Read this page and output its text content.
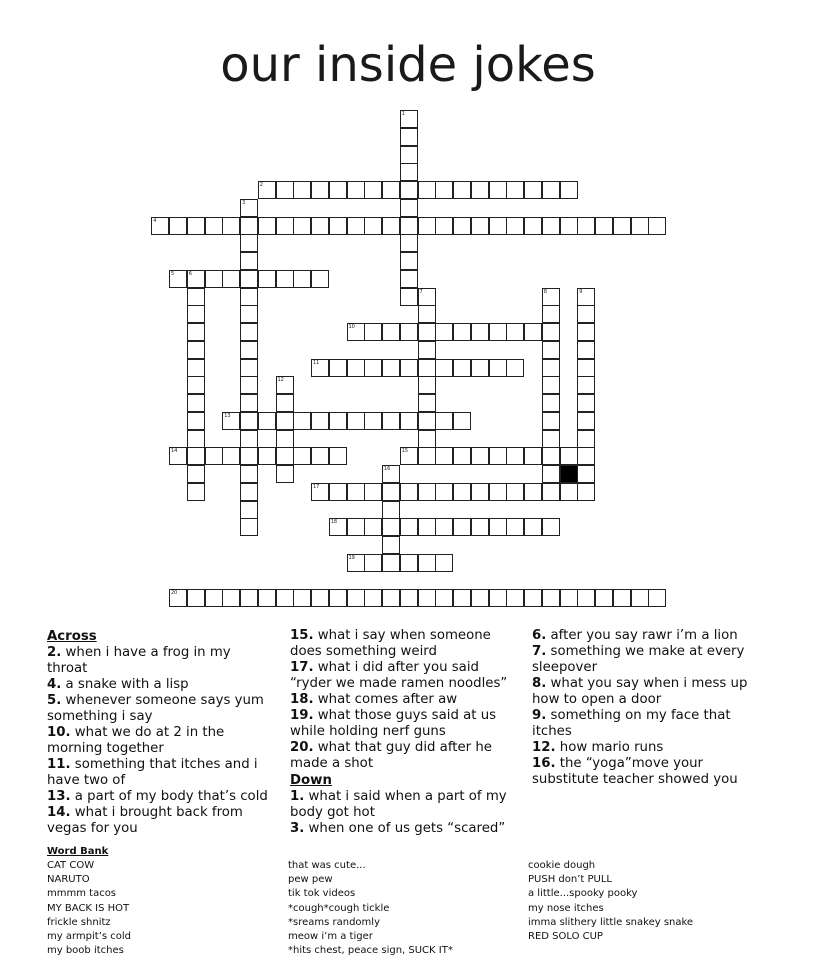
our inside jokes
1
2
3
4
5	6
7	8	9
10
11
12
13
14	15
16
17
18
19
20
Across
2. when i have a frog in my throat
4. a snake with a lisp
5. whenever someone says yum something i say
10. what we do at 2 in the morning together
11. something that itches and i have two of
13. a part of my body that’s cold
14. what i brought back from vegas for you
15. what i say when someone does something weird
17. what i did after you said “ryder we made ramen noodles”
18. what comes after aw
19. what those guys said at us while holding nerf guns
20. what that guy did after he made a shot
Down
1. what i said when a part of my body got hot
3. when one of us gets “scared”
6. after you say rawr i’m a lion
7. something we make at every sleepover
8. what you say when i mess up how to open a door
9. something on my face that itches
12. how mario runs
16. the “yoga”move your substitute teacher showed you
Word Bank
CAT COW
NARUTO
mmmm tacos
MY BACK IS HOT
frickle shnitz
my armpit’s cold
my boob itches
that was cute...
pew pew
tik tok videos
*cough*cough tickle
*sreams randomly
meow i’m a tiger
*hits chest, peace sign, SUCK IT*
cookie dough
PUSH don’t PULL
a little...spooky pooky
my nose itches
imma slithery little snakey snake
RED SOLO CUP
